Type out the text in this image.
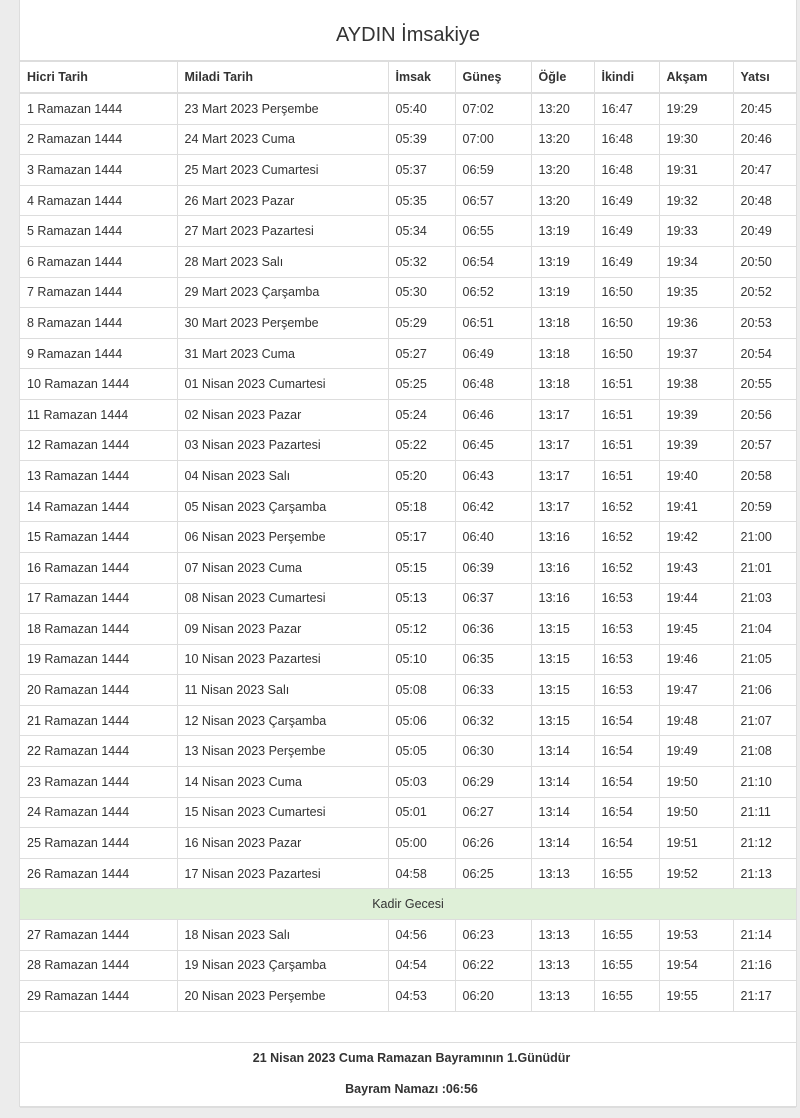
AYDIN İmsakiye
Hicri Tarih	Miladi Tarih	İmsak	Güneş	Öğle	İkindi	Akşam	Yatsı
1 Ramazan 1444	23 Mart 2023 Perşembe	05:40	07:02	13:20	16:47	19:29	20:45
2 Ramazan 1444	24 Mart 2023 Cuma	05:39	07:00	13:20	16:48	19:30	20:46
3 Ramazan 1444	25 Mart 2023 Cumartesi	05:37	06:59	13:20	16:48	19:31	20:47
4 Ramazan 1444	26 Mart 2023 Pazar	05:35	06:57	13:20	16:49	19:32	20:48
5 Ramazan 1444	27 Mart 2023 Pazartesi	05:34	06:55	13:19	16:49	19:33	20:49
6 Ramazan 1444	28 Mart 2023 Salı	05:32	06:54	13:19	16:49	19:34	20:50
7 Ramazan 1444	29 Mart 2023 Çarşamba	05:30	06:52	13:19	16:50	19:35	20:52
8 Ramazan 1444	30 Mart 2023 Perşembe	05:29	06:51	13:18	16:50	19:36	20:53
9 Ramazan 1444	31 Mart 2023 Cuma	05:27	06:49	13:18	16:50	19:37	20:54
10 Ramazan 1444	01 Nisan 2023 Cumartesi	05:25	06:48	13:18	16:51	19:38	20:55
11 Ramazan 1444	02 Nisan 2023 Pazar	05:24	06:46	13:17	16:51	19:39	20:56
12 Ramazan 1444	03 Nisan 2023 Pazartesi	05:22	06:45	13:17	16:51	19:39	20:57
13 Ramazan 1444	04 Nisan 2023 Salı	05:20	06:43	13:17	16:51	19:40	20:58
14 Ramazan 1444	05 Nisan 2023 Çarşamba	05:18	06:42	13:17	16:52	19:41	20:59
15 Ramazan 1444	06 Nisan 2023 Perşembe	05:17	06:40	13:16	16:52	19:42	21:00
16 Ramazan 1444	07 Nisan 2023 Cuma	05:15	06:39	13:16	16:52	19:43	21:01
17 Ramazan 1444	08 Nisan 2023 Cumartesi	05:13	06:37	13:16	16:53	19:44	21:03
18 Ramazan 1444	09 Nisan 2023 Pazar	05:12	06:36	13:15	16:53	19:45	21:04
19 Ramazan 1444	10 Nisan 2023 Pazartesi	05:10	06:35	13:15	16:53	19:46	21:05
20 Ramazan 1444	11 Nisan 2023 Salı	05:08	06:33	13:15	16:53	19:47	21:06
21 Ramazan 1444	12 Nisan 2023 Çarşamba	05:06	06:32	13:15	16:54	19:48	21:07
22 Ramazan 1444	13 Nisan 2023 Perşembe	05:05	06:30	13:14	16:54	19:49	21:08
23 Ramazan 1444	14 Nisan 2023 Cuma	05:03	06:29	13:14	16:54	19:50	21:10
24 Ramazan 1444	15 Nisan 2023 Cumartesi	05:01	06:27	13:14	16:54	19:50	21:11
25 Ramazan 1444	16 Nisan 2023 Pazar	05:00	06:26	13:14	16:54	19:51	21:12
26 Ramazan 1444	17 Nisan 2023 Pazartesi	04:58	06:25	13:13	16:55	19:52	21:13
Kadir Gecesi							
27 Ramazan 1444	18 Nisan 2023 Salı	04:56	06:23	13:13	16:55	19:53	21:14
28 Ramazan 1444	19 Nisan 2023 Çarşamba	04:54	06:22	13:13	16:55	19:54	21:16
29 Ramazan 1444	20 Nisan 2023 Perşembe	04:53	06:20	13:13	16:55	19:55	21:17

21 Nisan 2023 Cuma Ramazan Bayramının 1.Günüdür
Bayram Namazı :06:56							
